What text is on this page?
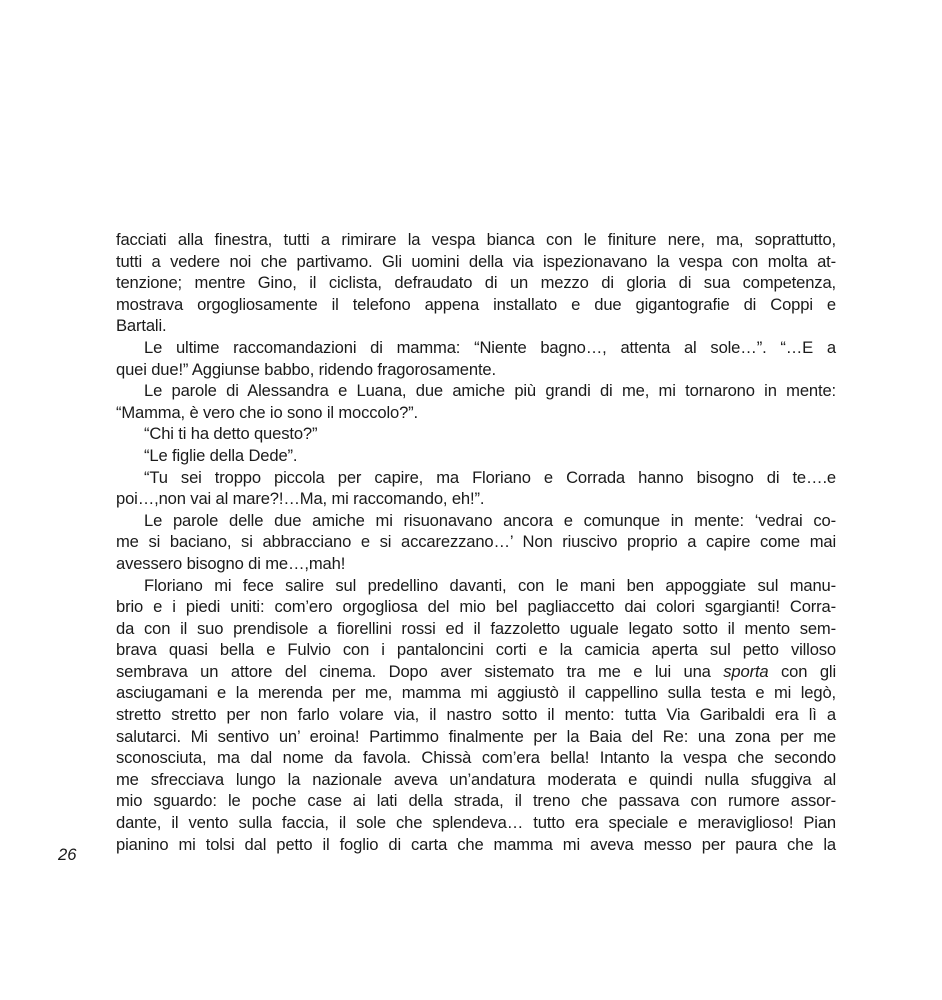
facciati alla finestra, tutti a rimirare la vespa bianca con le finiture nere, ma, soprattutto,
tutti a vedere noi che partivamo. Gli uomini della via ispezionavano la vespa con molta at-
tenzione; mentre Gino, il ciclista, defraudato di un mezzo di gloria di sua competenza,
mostrava orgogliosamente il telefono appena installato e due gigantografie di Coppi e
Bartali.
Le ultime raccomandazioni di mamma: “Niente bagno…, attenta al sole…”. “…E a
quei due!” Aggiunse babbo, ridendo fragorosamente.
Le parole di Alessandra e Luana, due amiche più grandi di me, mi tornarono in mente:
“Mamma, è vero che io sono il moccolo?”.
“Chi ti ha detto questo?”
“Le figlie della Dede”.
“Tu sei troppo piccola per capire, ma Floriano e Corrada hanno bisogno di te….e
poi…,non vai al mare?!…Ma, mi raccomando, eh!”.
Le parole delle due amiche mi risuonavano ancora e comunque in mente: ‘vedrai co-
me si baciano, si abbracciano e si accarezzano…’ Non riuscivo proprio a capire come mai
avessero bisogno di me…,mah!
Floriano mi fece salire sul predellino davanti, con le mani ben appoggiate sul manu-
brio e i piedi uniti: com’ero orgogliosa del mio bel pagliaccetto dai colori sgargianti! Corra-
da con il suo prendisole a fiorellini rossi ed il fazzoletto uguale legato sotto il mento sem-
brava quasi bella e Fulvio con i pantaloncini corti e la camicia aperta sul petto villoso
sembrava un attore del cinema. Dopo aver sistemato tra me e lui una sporta con gli
asciugamani e la merenda per me, mamma mi aggiustò il cappellino sulla testa e mi legò,
stretto stretto per non farlo volare via, il nastro sotto il mento: tutta Via Garibaldi era lì a
salutarci. Mi sentivo un’ eroina! Partimmo finalmente per la Baia del Re: una zona per me
sconosciuta, ma dal nome da favola. Chissà com’era bella! Intanto la vespa che secondo
me sfrecciava lungo la nazionale aveva un’andatura moderata e quindi nulla sfuggiva al
mio sguardo: le poche case ai lati della strada, il treno che passava con rumore assor-
dante, il vento sulla faccia, il sole che splendeva… tutto era speciale e meraviglioso! Pian
pianino mi tolsi dal petto il foglio di carta che mamma mi aveva messo per paura che la
26
